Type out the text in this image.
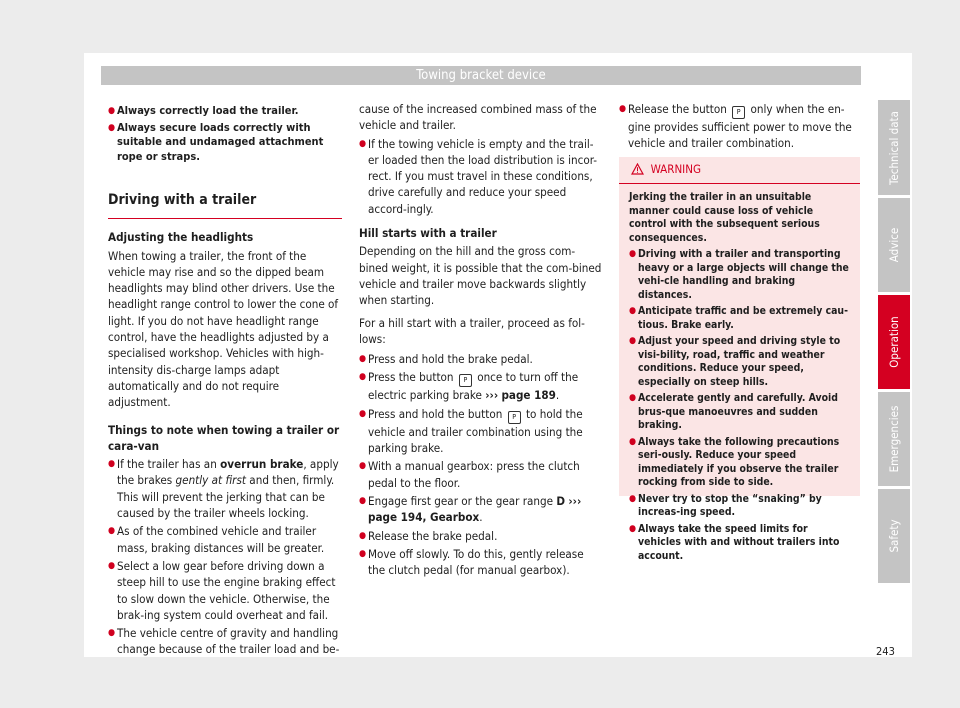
Towing bracket device

● Always correctly load the trailer.

● Always secure loads correctly with suitable and undamaged attachment rope or straps.

Driving with a trailer

Adjusting the headlights

When towing a trailer, the front of the vehicle may rise and so the dipped beam headlights may blind other drivers. Use the headlight range control to lower the cone of light. If you do not have headlight range control, have the headlights adjusted by a specialised workshop. Vehicles with high-intensity dis-charge lamps adapt automatically and do not require adjustment.

Things to note when towing a trailer or cara-van

● If the trailer has an overrun brake, apply the brakes gently at first and then, firmly. This will prevent the jerking that can be caused by the trailer wheels locking.

● As of the combined vehicle and trailer mass, braking distances will be greater.

● Select a low gear before driving down a steep hill to use the engine braking effect to slow down the vehicle. Otherwise, the brak-ing system could overheat and fail.

● The vehicle centre of gravity and handling change because of the trailer load and be-

cause of the increased combined mass of the vehicle and trailer.

● If the towing vehicle is empty and the trail-er loaded then the load distribution is incor-rect. If you must travel in these conditions, drive carefully and reduce your speed accord-ingly.

Hill starts with a trailer

Depending on the hill and the gross com-bined weight, it is possible that the com-bined vehicle and trailer move backwards slightly when starting.

For a hill start with a trailer, proceed as fol-lows:

● Press and hold the brake pedal.

● Press the button P once to turn off the electric parking brake ››› page 189.

● Press and hold the button P to hold the vehicle and trailer combination using the parking brake.

● With a manual gearbox: press the clutch pedal to the floor.

● Engage first gear or the gear range D ››› page 194, Gearbox.

● Release the brake pedal.

● Move off slowly. To do this, gently release the clutch pedal (for manual gearbox).

● Release the button P only when the en-gine provides sufficient power to move the vehicle and trailer combination.

WARNING

Jerking the trailer in an unsuitable manner could cause loss of vehicle control with the subsequent serious consequences.

● Driving with a trailer and transporting heavy or a large objects will change the vehi-cle handling and braking distances.

● Anticipate traffic and be extremely cau-tious. Brake early.

● Adjust your speed and driving style to visi-bility, road, traffic and weather conditions. Reduce your speed, especially on steep hills.

● Accelerate gently and carefully. Avoid brus-que manoeuvres and sudden braking.

● Always take the following precautions seri-ously. Reduce your speed immediately if you observe the trailer rocking from side to side.

● Never try to stop the “snaking” by increas-ing speed.

● Always take the speed limits for vehicles with and without trailers into account.

Technical data
Advice
Operation
Emergencies
Safety
243
